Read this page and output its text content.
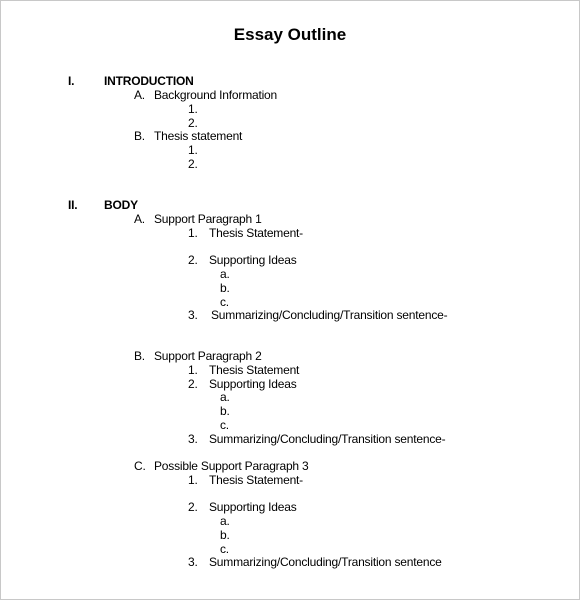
Essay Outline
I. INTRODUCTION
A. Background Information
1.
2.
B. Thesis statement
1.
2.
II. BODY
A. Support Paragraph 1
1. Thesis Statement-
2. Supporting Ideas
a.
b.
c.
3. Summarizing/Concluding/Transition sentence-
B. Support Paragraph 2
1. Thesis Statement
2. Supporting Ideas
a.
b.
c.
3. Summarizing/Concluding/Transition sentence-
C. Possible Support Paragraph 3
1. Thesis Statement-
2. Supporting Ideas
a.
b.
c.
3. Summarizing/Concluding/Transition sentence
